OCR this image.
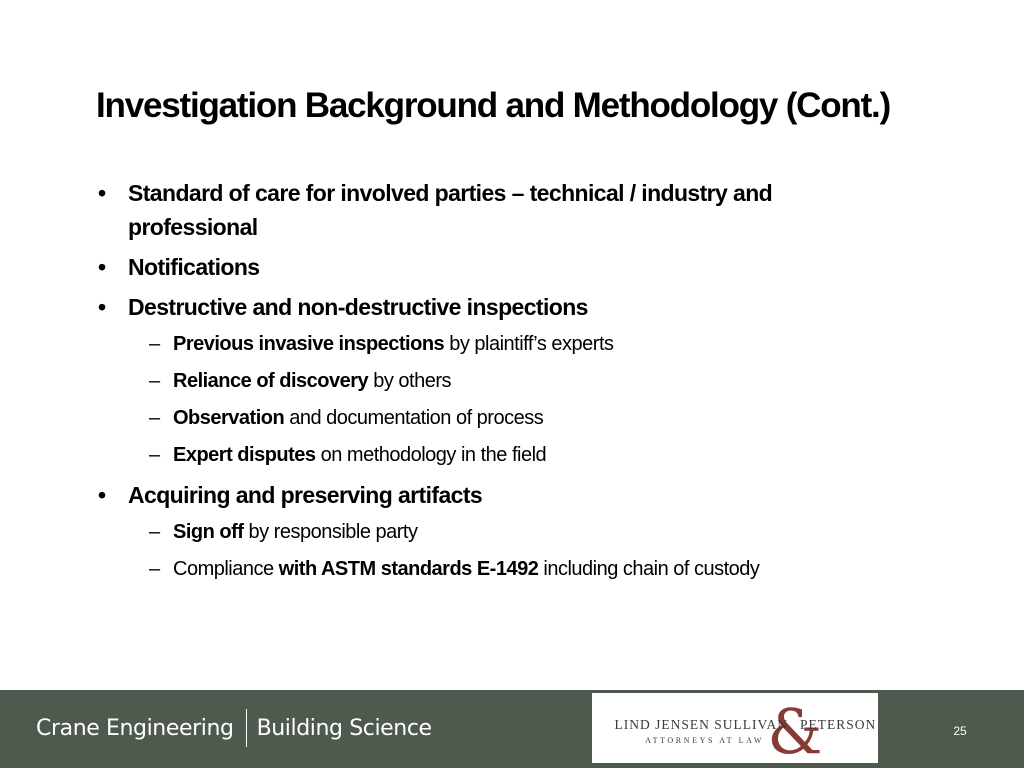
Investigation Background and Methodology (Cont.)
• Standard of care for involved parties – technical / industry and professional
• Notifications
• Destructive and non-destructive inspections
– Previous invasive inspections by plaintiff’s experts
– Reliance of discovery by others
– Observation and documentation of process
– Expert disputes on methodology in the field
• Acquiring and preserving artifacts
– Sign off by responsible party
– Compliance with ASTM standards E-1492 including chain of custody
Crane Engineering Building Science	&
LIND JENSEN SULLIVAN PETERSON
ATTORNEYS AT LAW
25
